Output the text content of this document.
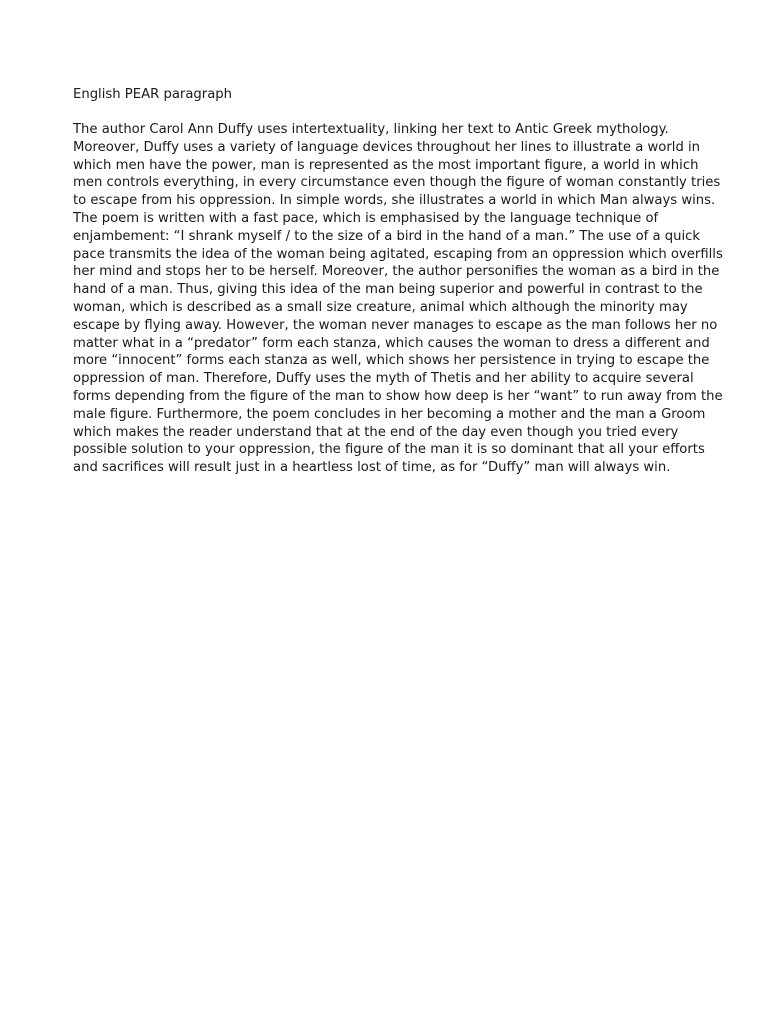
English PEAR paragraph

The author Carol Ann Duffy uses intertextuality, linking her text to Antic Greek mythology.
Moreover, Duffy uses a variety of language devices throughout her lines to illustrate a world in
which men have the power, man is represented as the most important figure, a world in which
men controls everything, in every circumstance even though the figure of woman constantly tries
to escape from his oppression. In simple words, she illustrates a world in which Man always wins.
The poem is written with a fast pace, which is emphasised by the language technique of
enjambement: “I shrank myself / to the size of a bird in the hand of a man.” The use of a quick
pace transmits the idea of the woman being agitated, escaping from an oppression which overfills
her mind and stops her to be herself. Moreover, the author personifies the woman as a bird in the
hand of a man. Thus, giving this idea of the man being superior and powerful in contrast to the
woman, which is described as a small size creature, animal which although the minority may
escape by flying away. However, the woman never manages to escape as the man follows her no
matter what in a “predator” form each stanza, which causes the woman to dress a different and
more “innocent” forms each stanza as well, which shows her persistence in trying to escape the
oppression of man. Therefore, Duffy uses the myth of Thetis and her ability to acquire several
forms depending from the figure of the man to show how deep is her “want” to run away from the
male figure. Furthermore, the poem concludes in her becoming a mother and the man a Groom
which makes the reader understand that at the end of the day even though you tried every
possible solution to your oppression, the figure of the man it is so dominant that all your efforts
and sacrifices will result just in a heartless lost of time, as for “Duffy” man will always win.
